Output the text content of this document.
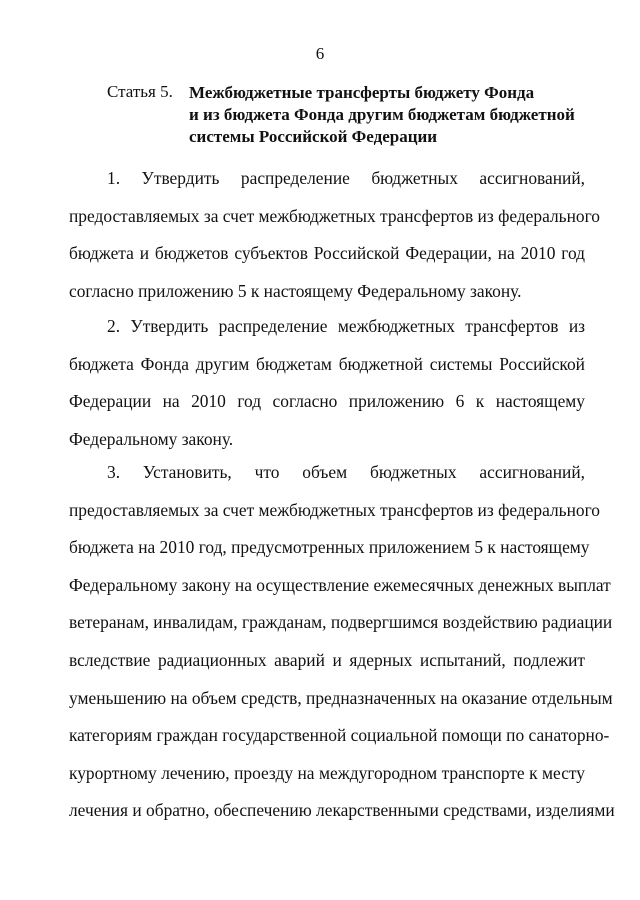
6
Статья 5. Межбюджетные трансферты бюджету Фонда
и из бюджета Фонда другим бюджетам бюджетной
системы Российской Федерации
1. Утвердить распределение бюджетных ассигнований,
предоставляемых за счет межбюджетных трансфертов из федерального
бюджета и бюджетов субъектов Российской Федерации, на 2010 год
согласно приложению 5 к настоящему Федеральному закону.
2. Утвердить распределение межбюджетных трансфертов из
бюджета Фонда другим бюджетам бюджетной системы Российской
Федерации на 2010 год согласно приложению 6 к настоящему
Федеральному закону.
3. Установить, что объем бюджетных ассигнований,
предоставляемых за счет межбюджетных трансфертов из федерального
бюджета на 2010 год, предусмотренных приложением 5 к настоящему
Федеральному закону на осуществление ежемесячных денежных выплат
ветеранам, инвалидам, гражданам, подвергшимся воздействию радиации
вследствие радиационных аварий и ядерных испытаний, подлежит
уменьшению на объем средств, предназначенных на оказание отдельным
категориям граждан государственной социальной помощи по санаторно-
курортному лечению, проезду на междугородном транспорте к месту
лечения и обратно, обеспечению лекарственными средствами, изделиями
